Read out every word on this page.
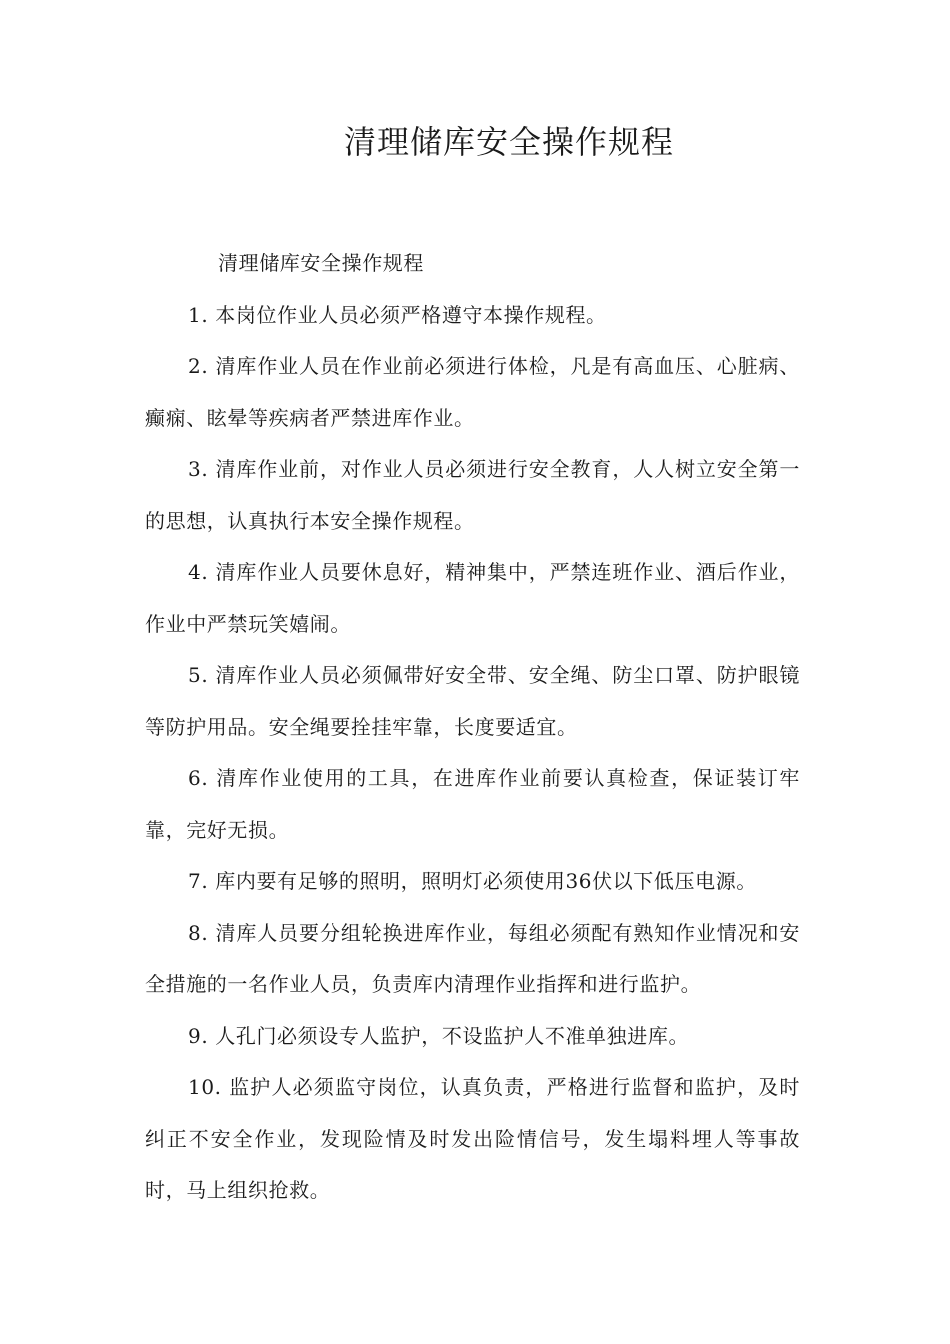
清理储库安全操作规程

清理储库安全操作规程

1. 本岗位作业人员必须严格遵守本操作规程。

2. 清库作业人员在作业前必须进行体检，凡是有高血压、心脏病、癫痫、眩晕等疾病者严禁进库作业。

3. 清库作业前，对作业人员必须进行安全教育，人人树立安全第一的思想，认真执行本安全操作规程。

4. 清库作业人员要休息好，精神集中，严禁连班作业、酒后作业，作业中严禁玩笑嬉闹。

5. 清库作业人员必须佩带好安全带、安全绳、防尘口罩、防护眼镜等防护用品。安全绳要拴挂牢靠，长度要适宜。

6. 清库作业使用的工具，在进库作业前要认真检查，保证装订牢靠，完好无损。

7. 库内要有足够的照明，照明灯必须使用36伏以下低压电源。

8. 清库人员要分组轮换进库作业，每组必须配有熟知作业情况和安全措施的一名作业人员，负责库内清理作业指挥和进行监护。

9. 人孔门必须设专人监护，不设监护人不准单独进库。

10. 监护人必须监守岗位，认真负责，严格进行监督和监护，及时纠正不安全作业，发现险情及时发出险情信号，发生塌料埋人等事故时，马上组织抢救。
